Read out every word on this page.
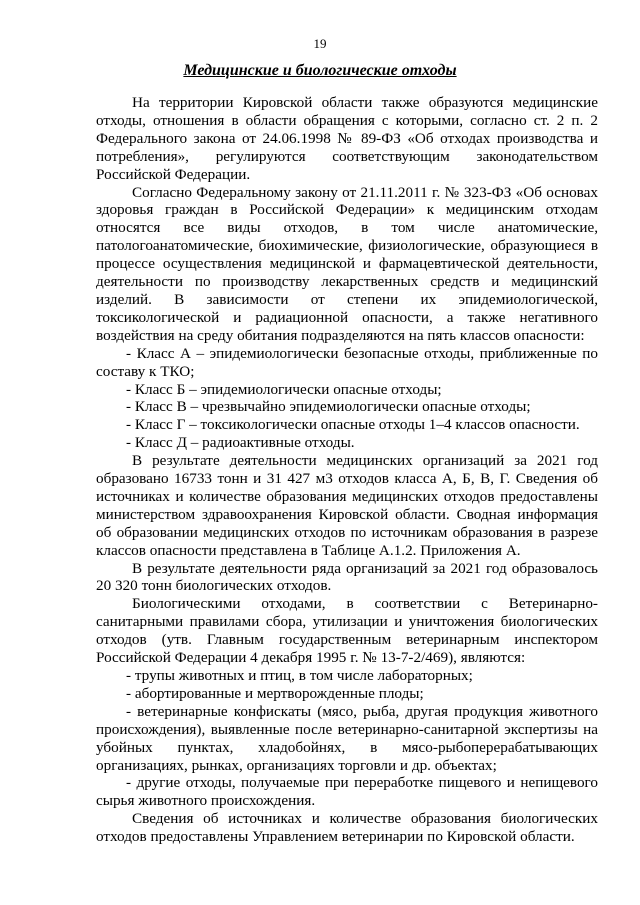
19
Медицинские и биологические отходы

На территории Кировской области также образуются медицинские отходы, отношения в области обращения с которыми, согласно ст. 2 п. 2 Федерального закона от 24.06.1998 № 89-ФЗ «Об отходах производства и потребления», регулируются соответствующим законодательством Российской Федерации.

Согласно Федеральному закону от 21.11.2011 г. № 323-ФЗ «Об основах здоровья граждан в Российской Федерации» к медицинским отходам относятся все виды отходов, в том числе анатомические, патологоанатомические, биохимические, физиологические, образующиеся в процессе осуществления медицинской и фармацевтической деятельности, деятельности по производству лекарственных средств и медицинский изделий. В зависимости от степени их эпидемиологической, токсикологической и радиационной опасности, а также негативного воздействия на среду обитания подразделяются на пять классов опасности:

- Класс А – эпидемиологически безопасные отходы, приближенные по составу к ТКО;

- Класс Б – эпидемиологически опасные отходы;

- Класс В – чрезвычайно эпидемиологически опасные отходы;

- Класс Г – токсикологически опасные отходы 1–4 классов опасности.

- Класс Д – радиоактивные отходы.

В результате деятельности медицинских организаций за 2021 год образовано 16733 тонн и 31 427 м3 отходов класса А, Б, В, Г. Сведения об источниках и количестве образования медицинских отходов предоставлены министерством здравоохранения Кировской области. Сводная информация об образовании медицинских отходов по источникам образования в разрезе классов опасности представлена в Таблице А.1.2. Приложения А.

В результате деятельности ряда организаций за 2021 год образовалось 20 320 тонн биологических отходов.

Биологическими отходами, в соответствии с Ветеринарно-санитарными правилами сбора, утилизации и уничтожения биологических отходов (утв. Главным государственным ветеринарным инспектором Российской Федерации 4 декабря 1995 г. № 13-7-2/469), являются:

- трупы животных и птиц, в том числе лабораторных;

- абортированные и мертворожденные плоды;

- ветеринарные конфискаты (мясо, рыба, другая продукция животного происхождения), выявленные после ветеринарно-санитарной экспертизы на убойных пунктах, хладобойнях, в мясо-рыбоперерабатывающих организациях, рынках, организациях торговли и др. объектах;

- другие отходы, получаемые при переработке пищевого и непищевого сырья животного происхождения.

Сведения об источниках и количестве образования биологических отходов предоставлены Управлением ветеринарии по Кировской области.
